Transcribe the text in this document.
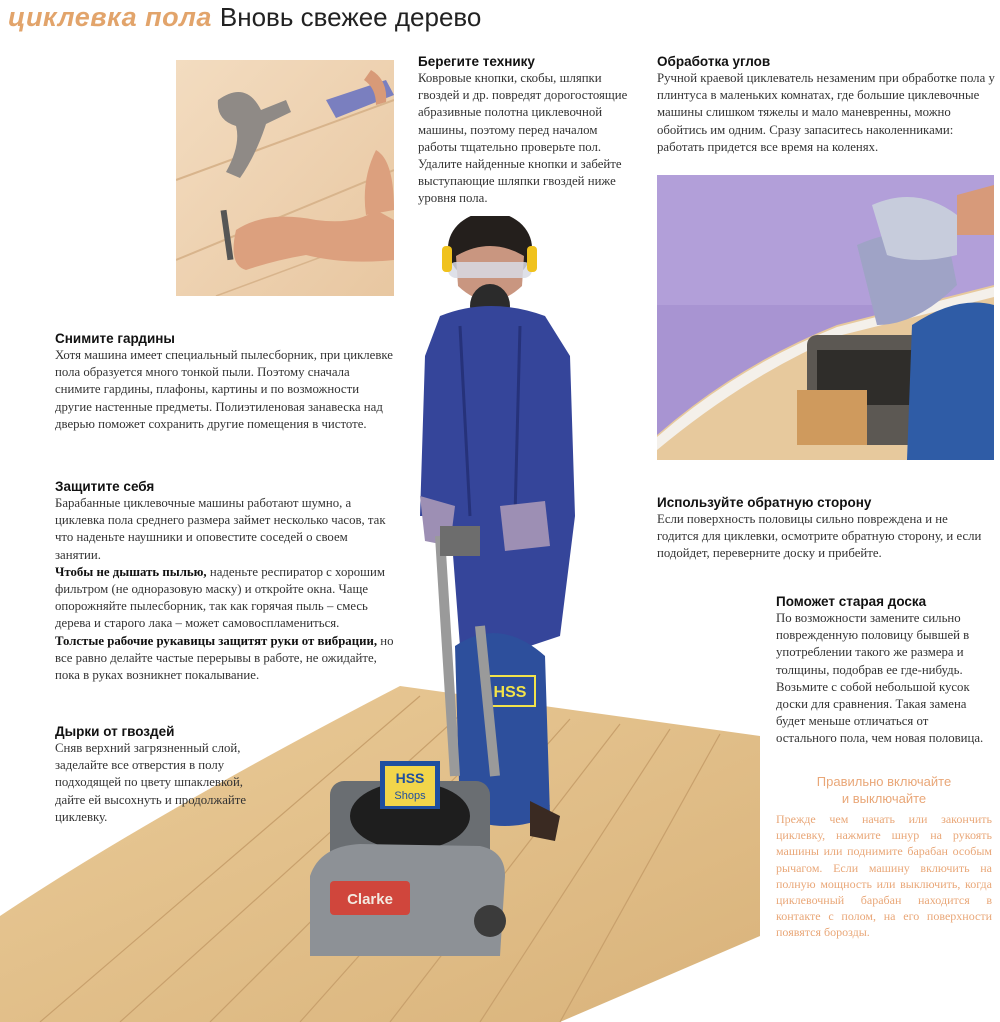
циклевка пола Вновь свежее дерево
HSS
HSS
Shops
Clarke
Берегите технику

Ковровые кнопки, скобы, шляпки гвоздей и др. повредят дорогостоящие абразивные полотна циклевочной машины, поэтому перед началом работы тщательно проверьте пол. Удалите найденные кнопки и забейте выступающие шляпки гвоздей ниже уровня пола.

Обработка углов

Ручной краевой циклеватель незаменим при обработке пола у плинтуса в маленьких комнатах, где большие циклевочные машины слишком тяжелы и мало маневренны, можно обойтись им одним. Сразу запаситесь наколенниками: работать придется все время на коленях.

Снимите гардины

Хотя машина имеет специальный пылесборник, при циклевке пола образуется много тонкой пыли. Поэтому сначала снимите гардины, плафоны, картины и по возможности другие настенные предметы. Полиэтиленовая занавеска над дверью поможет сохранить другие помещения в чистоте.

Защитите себя

Барабанные циклевочные машины работают шумно, а циклевка пола среднего размера займет несколько часов, так что наденьте наушники и оповестите соседей о своем занятии.

Чтобы не дышать пылью, наденьте респиратор с хорошим фильтром (не одноразовую маску) и откройте окна. Чаще опорожняйте пылесборник, так как горячая пыль – смесь дерева и старого лака – может самовоспламениться.

Толстые рабочие рукавицы защитят руки от вибрации, но все равно делайте частые перерывы в работе, не ожидайте, пока в руках возникнет покалывание.

Дырки от гвоздей

Сняв верхний загрязненный слой, заделайте все отверстия в полу подходящей по цвету шпаклевкой, дайте ей высохнуть и продолжайте циклевку.

Используйте обратную сторону

Если поверхность половицы сильно повреждена и не годится для циклевки, осмотрите обратную сторону, и если подойдет, переверните доску и прибейте.

Поможет старая доска

По возможности замените сильно поврежденную половицу бывшей в употреблении такого же размера и толщины, подобрав ее где-нибудь. Возьмите с собой небольшой кусок доски для сравнения. Такая замена будет меньше отличаться от остального пола, чем новая половица.

Правильно включайте
и выключайте

Прежде чем начать или закончить циклевку, нажмите шнур на рукоять машины или поднимите барабан особым рычагом. Если машину включить на полную мощность или выключить, когда циклевочный барабан находится в контакте с полом, на его поверхности появятся борозды.
